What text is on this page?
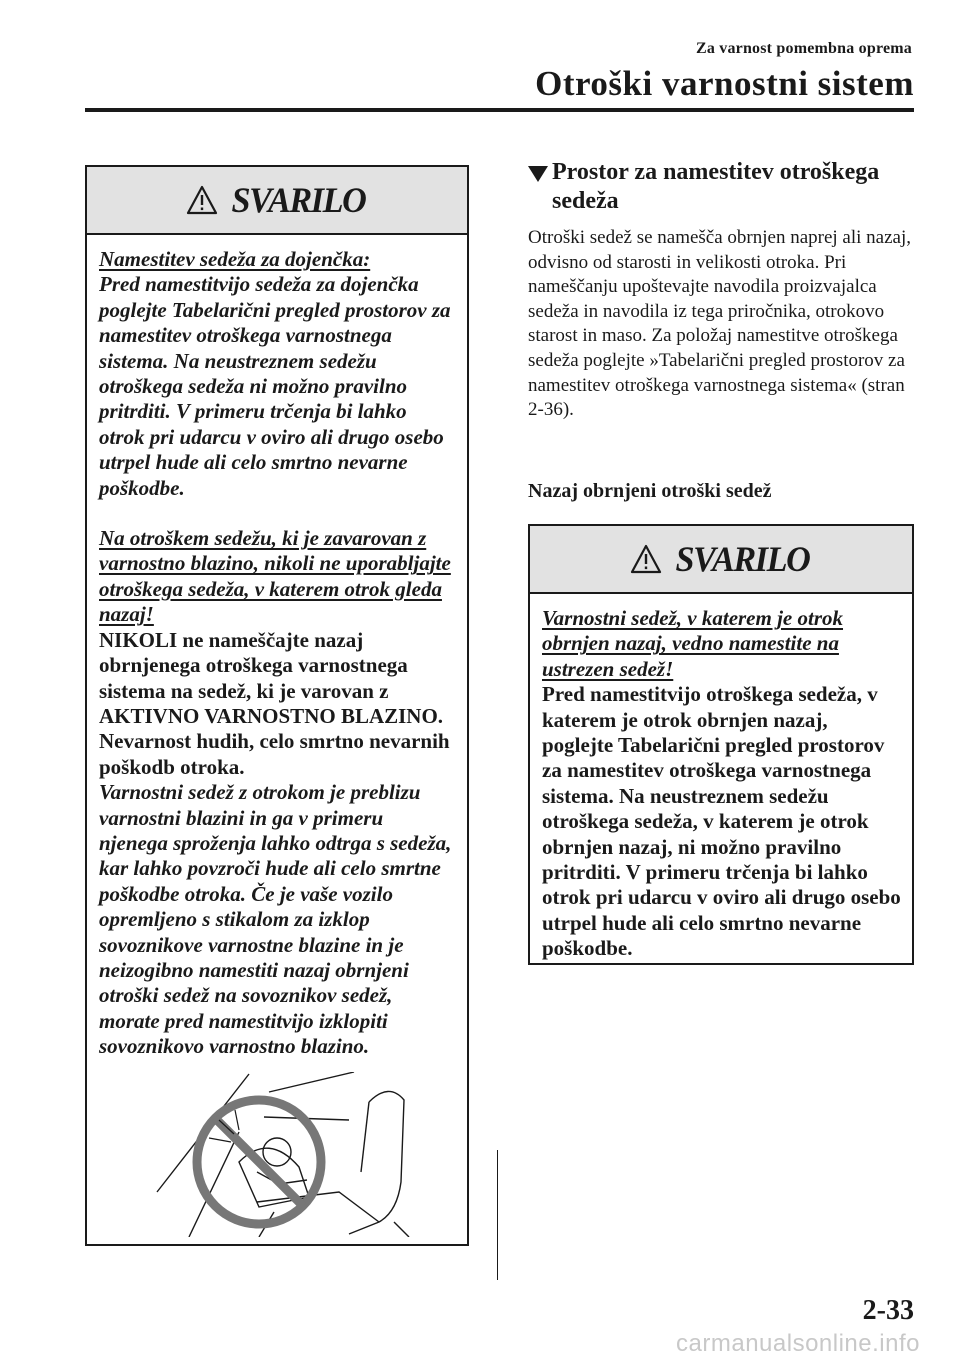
Za varnost pomembna oprema
Otroški varnostni sistem
SVARILO

Namestitev sedeža za dojenčka:

Pred namestitvijo sedeža za dojenčka poglejte Tabelarični pregled prostorov za namestitev otroškega varnostnega sistema. Na neustreznem sedežu otroškega sedeža ni možno pravilno pritrditi. V primeru trčenja bi lahko otrok pri udarcu v oviro ali drugo osebo utrpel hude ali celo smrtno nevarne poškodbe.

Na otroškem sedežu, ki je zavarovan z varnostno blazino, nikoli ne uporabljajte otroškega sedeža, v katerem otrok gleda nazaj!

NIKOLI ne nameščajte nazaj obrnjenega otroškega varnostnega sistema na sedež, ki je varovan z AKTIVNO VARNOSTNO BLAZINO. Nevarnost hudih, celo smrtno nevarnih poškodb otroka.

Varnostni sedež z otrokom je preblizu varnostni blazini in ga v primeru njenega sproženja lahko odtrga s sedeža, kar lahko povzroči hude ali celo smrtne poškodbe otroka. Če je vaše vozilo opremljeno s stikalom za izklop sovoznikove varnostne blazine in je neizogibno namestiti nazaj obrnjeni otroški sedež na sovoznikov sedež, morate pred namestitvijo izklopiti sovoznikovo varnostno blazino.

Prostor za namestitev otroškega sedeža
Otroški sedež se namešča obrnjen naprej ali nazaj, odvisno od starosti in velikosti otroka. Pri nameščanju upoštevajte navodila proizvajalca sedeža in navodila iz tega priročnika, otrokovo starost in maso. Za položaj namestitve otroškega sedeža poglejte »Tabelarični pregled prostorov za namestitev otroškega varnostnega sistema« (stran 2-36).
Nazaj obrnjeni otroški sedež
SVARILO

Varnostni sedež, v katerem je otrok obrnjen nazaj, vedno namestite na ustrezen sedež!

Pred namestitvijo otroškega sedeža, v katerem je otrok obrnjen nazaj, poglejte Tabelarični pregled prostorov za namestitev otroškega varnostnega sistema. Na neustreznem sedežu otroškega sedeža, v katerem je otrok obrnjen nazaj, ni možno pravilno pritrditi. V primeru trčenja bi lahko otrok pri udarcu v oviro ali drugo osebo utrpel hude ali celo smrtno nevarne poškodbe.

2-33
carmanualsonline.info
